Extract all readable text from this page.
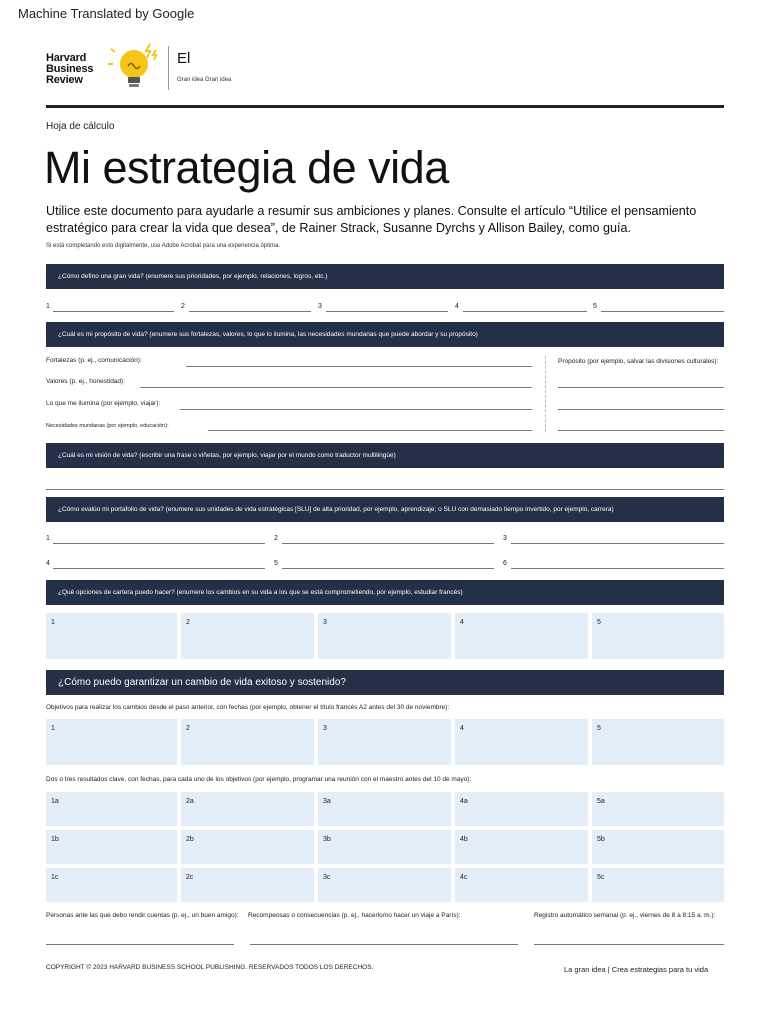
Machine Translated by Google
Harvard
Business
Review
El
Gran idea Gran idea
Hoja de cálculo
Mi estrategia de vida
Utilice este documento para ayudarle a resumir sus ambiciones y planes. Consulte el artículo “Utilice el pensamiento estratégico para crear la vida que desea”, de Rainer Strack, Susanne Dyrchs y Allison Bailey, como guía.
Si está completando esto digitalmente, use Adobe Acrobat para una experiencia óptima.
¿Cómo defino una gran vida? (enumere sus prioridades, por ejemplo, relaciones, logros, etc.)
1	2	3	4	5
¿Cuál es mi propósito de vida? (enumere sus fortalezas, valores, lo que lo ilumina, las necesidades mundanas que puede abordar y su propósito)
Fortalezas (p. ej., comunicación):
Valores (p. ej., honestidad):
Lo que me ilumina (por ejemplo, viajar):
Necesidades mundanas (por ejemplo, educación):
Propósito (por ejemplo, salvar las divisiones culturales):
¿Cuál es mi visión de vida? (escribir una frase o viñetas, por ejemplo, viajar por el mundo como traductor multilingüe)
¿Cómo evalúo mi portafolio de vida? (enumere sus unidades de vida estratégicas [SLU] de alta prioridad, por ejemplo, aprendizaje; o SLU con demasiado tiempo invertido, por ejemplo, carrera)
1	2	3
4	5	6
¿Qué opciones de cartera puedo hacer? (enumere los cambios en su vida a los que se está comprometiendo, por ejemplo, estudiar francés)
1	2	3	4	5
¿Cómo puedo garantizar un cambio de vida exitoso y sostenido?
Objetivos para realizar los cambios desde el paso anterior, con fechas (por ejemplo, obtener el título francés A2 antes del 30 de noviembre):
1	2	3	4	5
Dos o tres resultados clave, con fechas, para cada uno de los objetivos (por ejemplo, programar una reunión con el maestro antes del 10 de mayo):
1a	2a	3a	4a	5a
1b	2b	3b	4b	5b
1c	2c	3c	4c	5c
Personas ante las que debo rendir cuentas (p. ej., un buen amigo): Recompensas o consecuencias (p. ej., hacerlo/no hacer un viaje a París):	Registro automático semanal (p. ej., viernes de 8 a 8:15 a. m.):
COPYRIGHT © 2023 HARVARD BUSINESS SCHOOL PUBLISHING. RESERVADOS TODOS LOS DERECHOS.	La gran idea | Crea estrategias para tu vida
